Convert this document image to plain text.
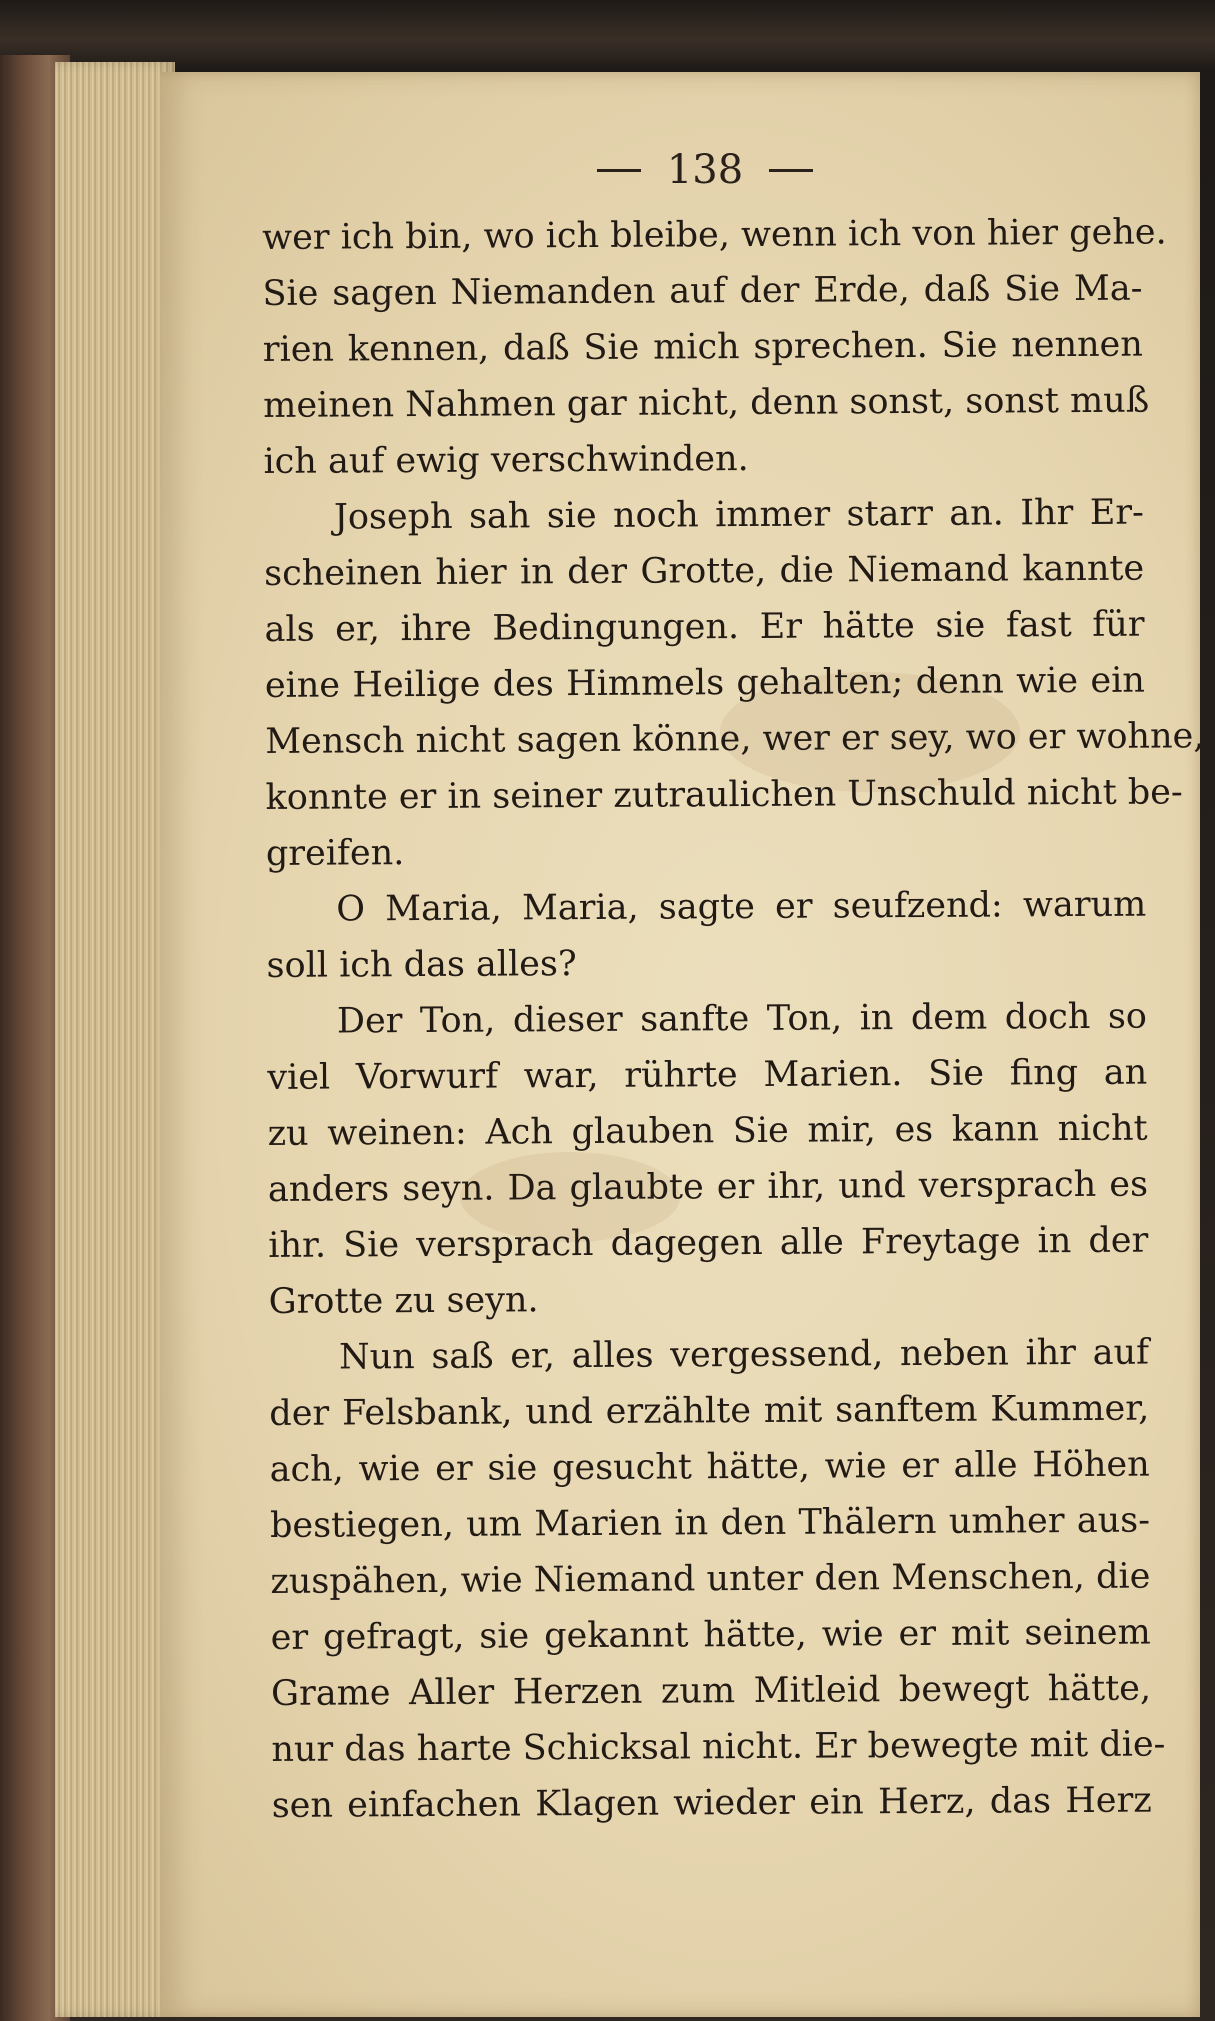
138
wer ich bin, wo ich bleibe, wenn ich von hier gehe.
Sie sagen Niemanden auf der Erde, daß Sie Ma-
rien kennen, daß Sie mich sprechen. Sie nennen
meinen Nahmen gar nicht, denn sonst, sonst muß
ich auf ewig verschwinden.
Joseph sah sie noch immer starr an. Ihr Er-
scheinen hier in der Grotte, die Niemand kannte
als er, ihre Bedingungen. Er hätte sie fast für
eine Heilige des Himmels gehalten; denn wie ein
Mensch nicht sagen könne, wer er sey, wo er wohne,
konnte er in seiner zutraulichen Unschuld nicht be-
greifen.
O Maria, Maria, sagte er seufzend: warum
soll ich das alles?
Der Ton, dieser sanfte Ton, in dem doch so
viel Vorwurf war, rührte Marien. Sie fing an
zu weinen: Ach glauben Sie mir, es kann nicht
anders seyn. Da glaubte er ihr, und versprach es
ihr. Sie versprach dagegen alle Freytage in der
Grotte zu seyn.
Nun saß er, alles vergessend, neben ihr auf
der Felsbank, und erzählte mit sanftem Kummer,
ach, wie er sie gesucht hätte, wie er alle Höhen
bestiegen, um Marien in den Thälern umher aus-
zuspähen, wie Niemand unter den Menschen, die
er gefragt, sie gekannt hätte, wie er mit seinem
Grame Aller Herzen zum Mitleid bewegt hätte,
nur das harte Schicksal nicht. Er bewegte mit die-
sen einfachen Klagen wieder ein Herz, das Herz
